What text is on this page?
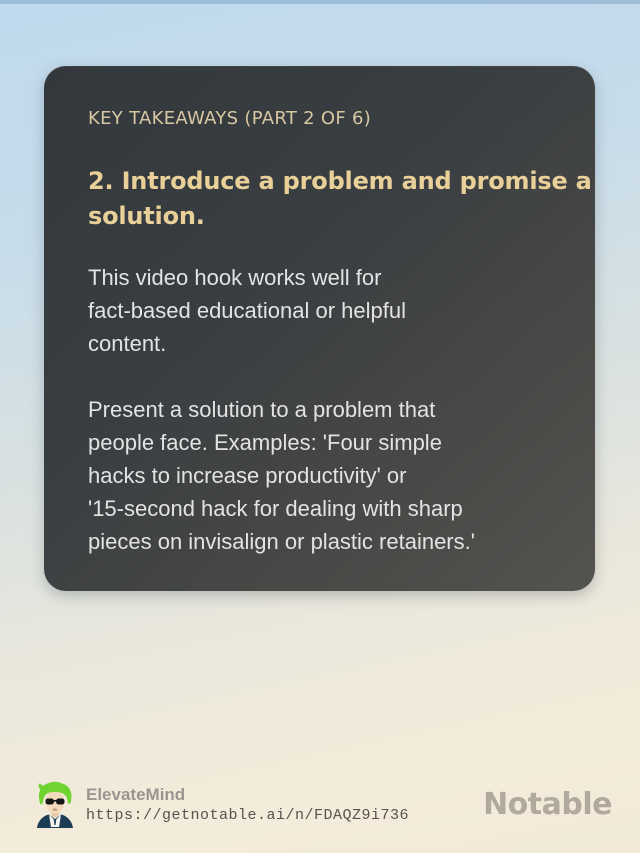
KEY TAKEAWAYS (PART 2 OF 6)
2. Introduce a problem and promise a
solution.
This video hook works well for
fact-based educational or helpful
content.
Present a solution to a problem that
people face. Examples: 'Four simple
hacks to increase productivity' or
'15-second hack for dealing with sharp
pieces on invisalign or plastic retainers.'
ElevateMind
https://getnotable.ai/n/FDAQZ9i736 Notable
